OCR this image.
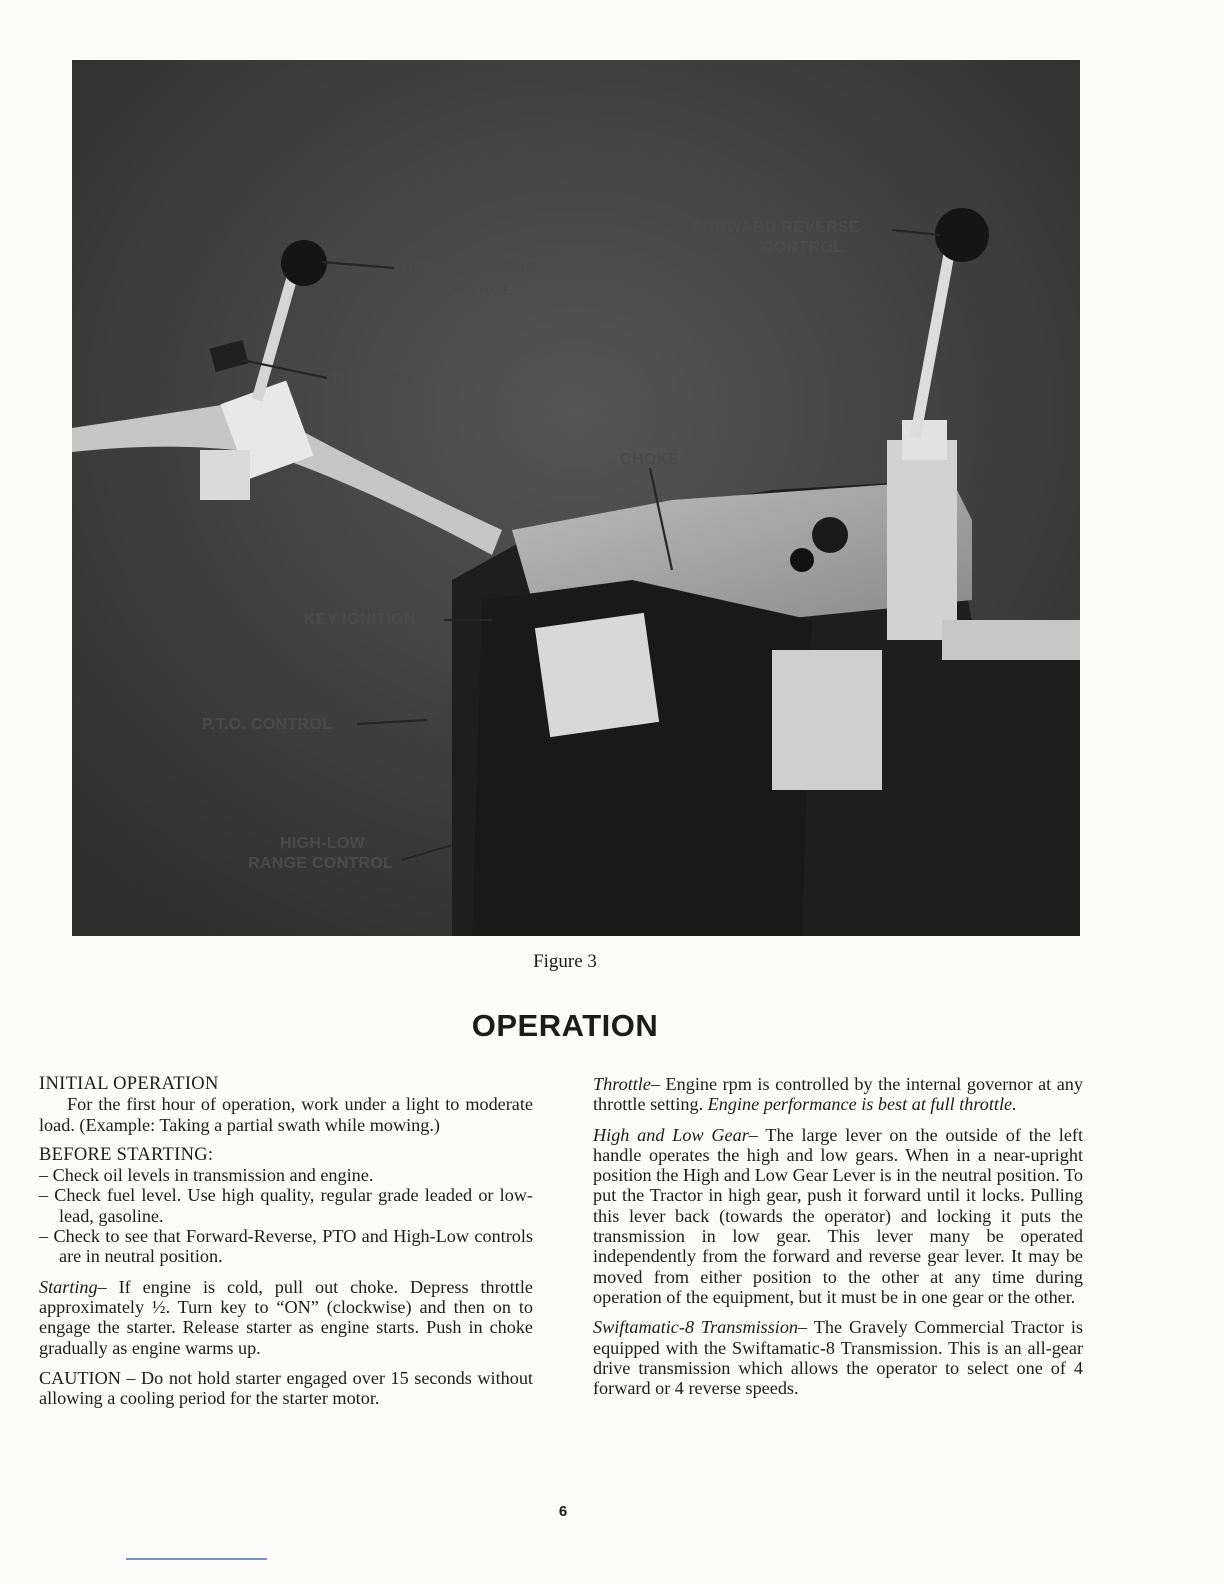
HIGH LOW GEAR
CONTROL
FORWARD REVERSE
CONTROL
THROTTLE
CHOKE
KEY IGNITION
P.T.O. CONTROL
HIGH-LOW
RANGE CONTROL
Figure 3
OPERATION

INITIAL OPERATION

For the first hour of operation, work under a light to moderate load. (Example: Taking a partial swath while mowing.)

BEFORE STARTING:

– Check oil levels in transmission and engine.

– Check fuel level. Use high quality, regular grade leaded or low-lead, gasoline.

– Check to see that Forward-Reverse, PTO and High-Low controls are in neutral position.

Starting– If engine is cold, pull out choke. Depress throttle approximately ½. Turn key to “ON” (clockwise) and then on to engage the starter. Release starter as engine starts. Push in choke gradually as engine warms up.

CAUTION – Do not hold starter engaged over 15 seconds without allowing a cooling period for the starter motor.

Throttle– Engine rpm is controlled by the internal governor at any throttle setting. Engine performance is best at full throttle.

High and Low Gear– The large lever on the outside of the left handle operates the high and low gears. When in a near-upright position the High and Low Gear Lever is in the neutral position. To put the Tractor in high gear, push it forward until it locks. Pulling this lever back (towards the operator) and locking it puts the transmission in low gear. This lever many be operated independently from the forward and reverse gear lever. It may be moved from either position to the other at any time during operation of the equipment, but it must be in one gear or the other.

Swiftamatic-8 Transmission– The Gravely Commercial Tractor is equipped with the Swiftamatic-8 Transmission. This is an all-gear drive transmission which allows the operator to select one of 4 forward or 4 reverse speeds.

6
